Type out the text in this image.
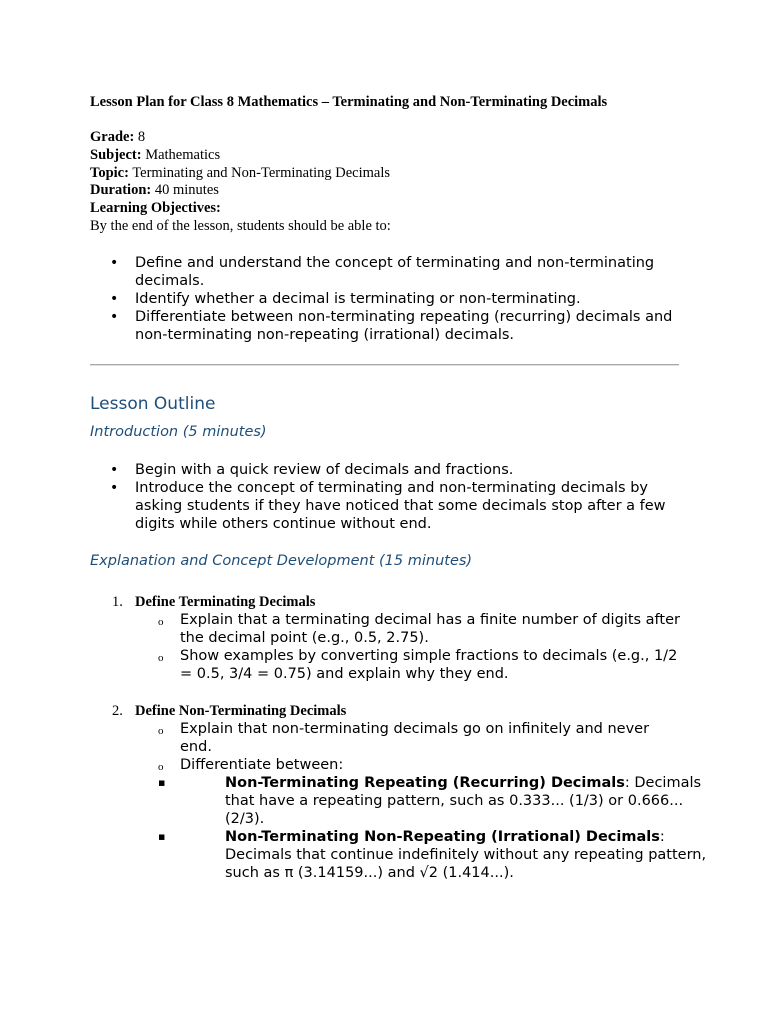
Lesson Plan for Class 8 Mathematics – Terminating and Non-Terminating Decimals
Grade: 8
Subject: Mathematics
Topic: Terminating and Non-Terminating Decimals
Duration: 40 minutes
Learning Objectives:
By the end of the lesson, students should be able to:
• Define and understand the concept of terminating and non-terminating decimals.
• Identify whether a decimal is terminating or non-terminating.
• Differentiate between non-terminating repeating (recurring) decimals and non-terminating non-repeating (irrational) decimals.
Lesson Outline
Introduction (5 minutes)
• Begin with a quick review of decimals and fractions.
• Introduce the concept of terminating and non-terminating decimals by asking students if they have noticed that some decimals stop after a few digits while others continue without end.
Explanation and Concept Development (15 minutes)
1. Define Terminating Decimals
o Explain that a terminating decimal has a finite number of digits after the decimal point (e.g., 0.5, 2.75).
o Show examples by converting simple fractions to decimals (e.g., 1/2 = 0.5, 3/4 = 0.75) and explain why they end.
2. Define Non-Terminating Decimals
o Explain that non-terminating decimals go on infinitely and never end.
o Differentiate between:
▪	Non-Terminating Repeating (Recurring) Decimals: Decimals that have a repeating pattern, such as 0.333... (1/3) or 0.666... (2/3).
▪	Non-Terminating Non-Repeating (Irrational) Decimals: Decimals that continue indefinitely without any repeating pattern, such as π (3.14159...) and √2 (1.414...).
